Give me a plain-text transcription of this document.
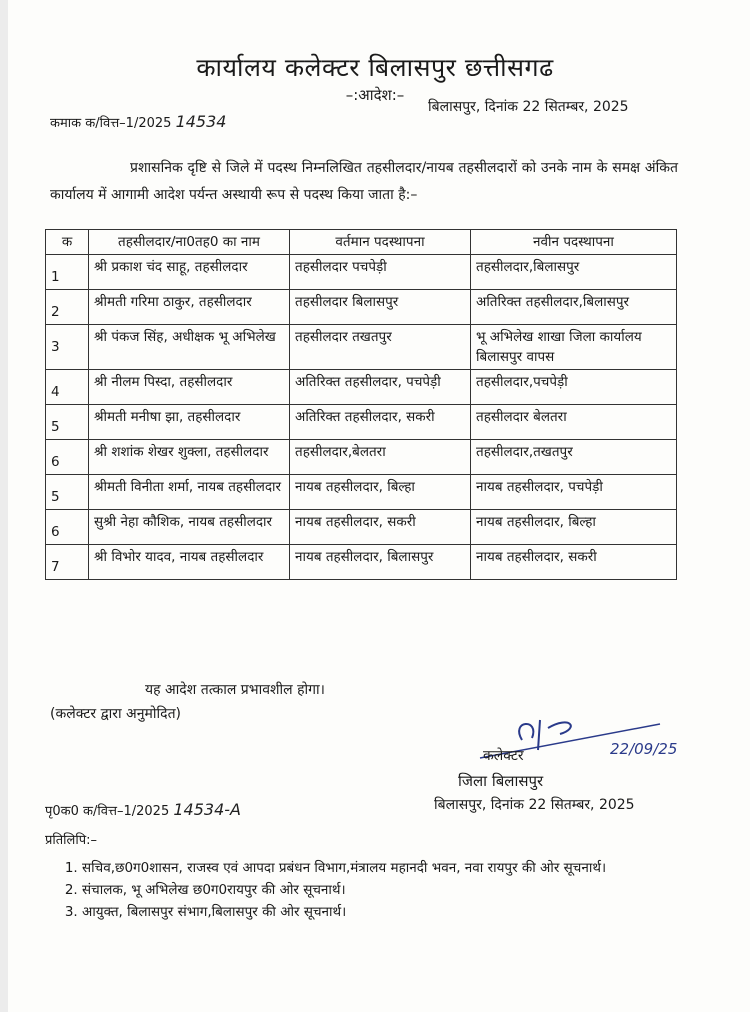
कार्यालय कलेक्टर बिलासपुर छत्तीसगढ
–:आदेश:–
बिलासपुर, दिनांक 22 सितम्बर, 2025
कमाक क/वित्त–1/2025 14534
प्रशासनिक दृष्टि से जिले में पदस्थ निम्नलिखित तहसीलदार/नायब तहसीलदारों को उनके नाम के समक्ष अंकित कार्यालय में आगामी आदेश पर्यन्त अस्थायी रूप से पदस्थ किया जाता है:–
क	तहसीलदार/ना0तह0 का नाम	वर्तमान पदस्थापना	नवीन पदस्थापना
1	श्री प्रकाश चंद साहू, तहसीलदार	तहसीलदार पचपेड़ी	तहसीलदार,बिलासपुर
2	श्रीमती गरिमा ठाकुर, तहसीलदार	तहसीलदार बिलासपुर	अतिरिक्त तहसीलदार,बिलासपुर
3	श्री पंकज सिंह, अधीक्षक भू अभिलेख	तहसीलदार तखतपुर	भू अभिलेख शाखा जिला कार्यालय बिलासपुर वापस
4	श्री नीलम पिस्दा, तहसीलदार	अतिरिक्त तहसीलदार, पचपेड़ी	तहसीलदार,पचपेड़ी
5	श्रीमती मनीषा झा, तहसीलदार	अतिरिक्त तहसीलदार, सकरी	तहसीलदार बेलतरा
6	श्री शशांक शेखर शुक्ला, तहसीलदार	तहसीलदार,बेलतरा	तहसीलदार,तखतपुर
5	श्रीमती विनीता शर्मा, नायब तहसीलदार	नायब तहसीलदार, बिल्हा	नायब तहसीलदार, पचपेड़ी
6	सुश्री नेहा कौशिक, नायब तहसीलदार	नायब तहसीलदार, सकरी	नायब तहसीलदार, बिल्हा
7	श्री विभोर यादव, नायब तहसीलदार	नायब तहसीलदार, बिलासपुर	नायब तहसीलदार, सकरी
यह आदेश तत्काल प्रभावशील होगा।
(कलेक्टर द्वारा अनुमोदित)
22/09/25
कलेक्टर
जिला बिलासपुर
बिलासपुर, दिनांक 22 सितम्बर, 2025
पृ0क0 क/वित्त–1/2025 14534-A
प्रतिलिपि:–
1. सचिव,छ0ग0शासन, राजस्व एवं आपदा प्रबंधन विभाग,मंत्रालय महानदी भवन, नवा रायपुर की ओर सूचनार्थ।
2. संचालक, भू अभिलेख छ0ग0रायपुर की ओर सूचनार्थ।
3. आयुक्त, बिलासपुर संभाग,बिलासपुर की ओर सूचनार्थ।
